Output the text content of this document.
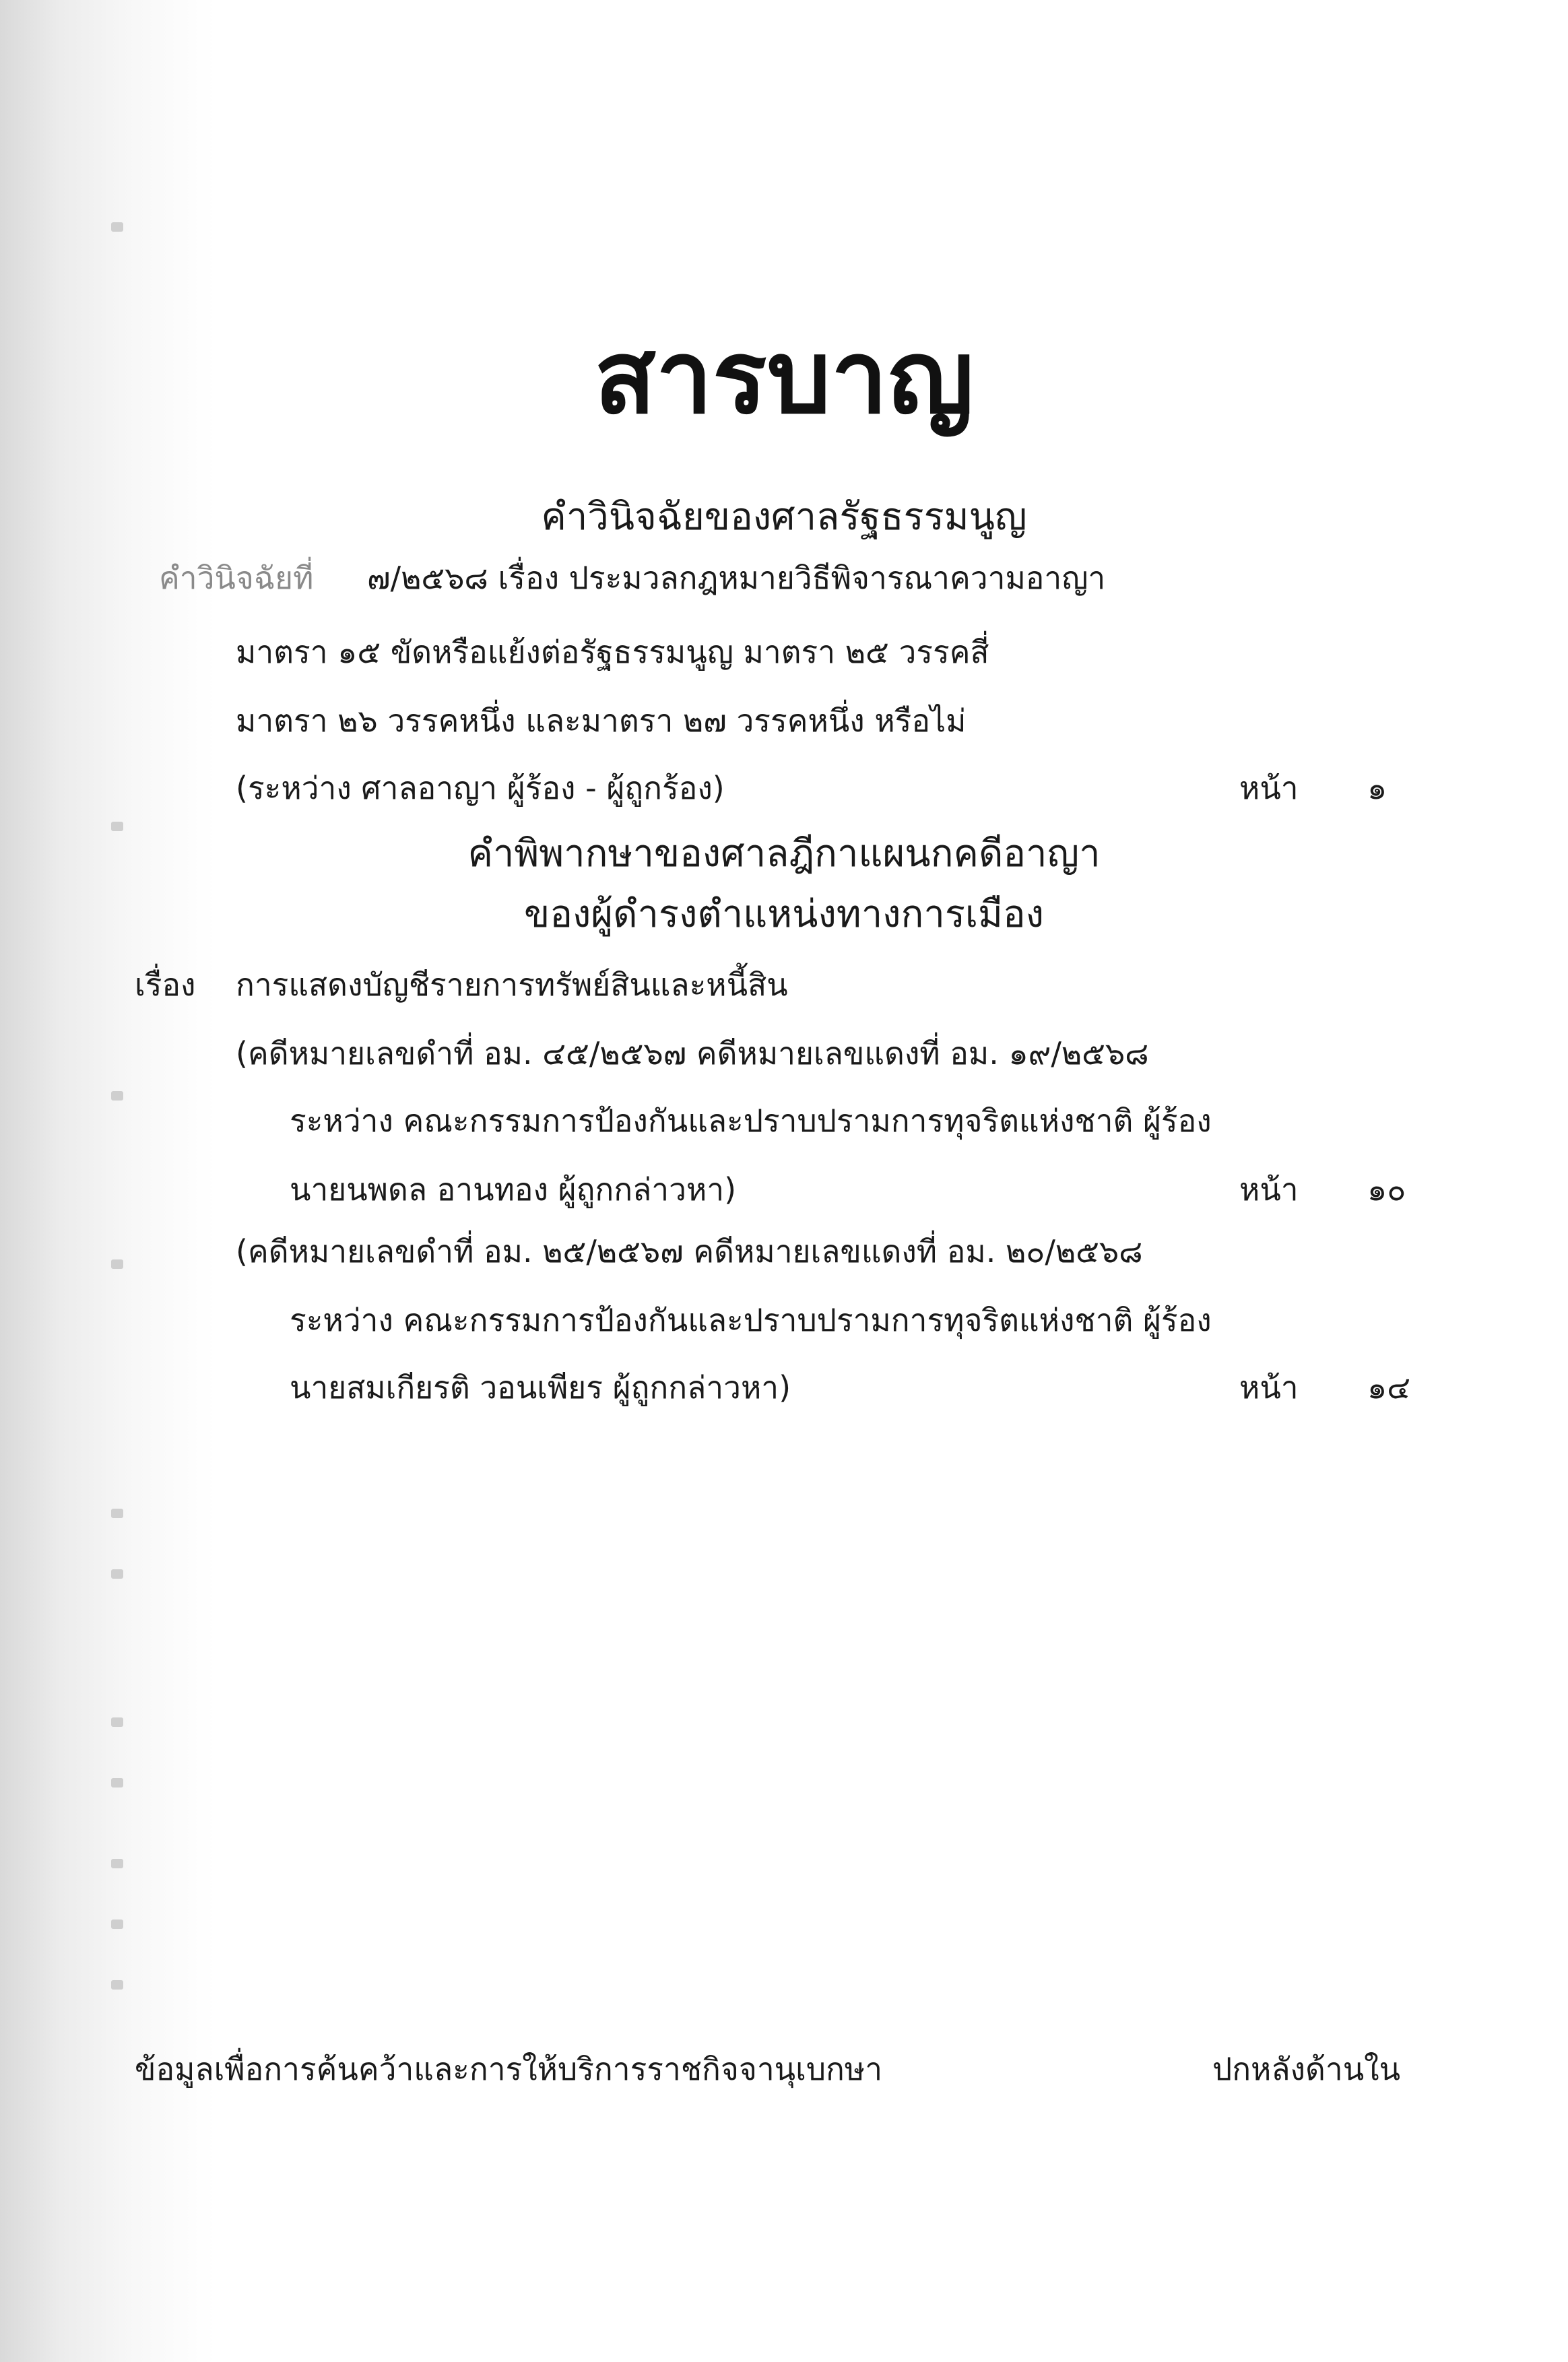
สารบาญ
คำวินิจฉัยของศาลรัฐธรรมนูญ
คำวินิจฉัยที่ ๗/๒๕๖๘ เรื่อง ประมวลกฎหมายวิธีพิจารณาความอาญา
มาตรา ๑๕ ขัดหรือแย้งต่อรัฐธรรมนูญ มาตรา ๒๕ วรรคสี่
มาตรา ๒๖ วรรคหนึ่ง และมาตรา ๒๗ วรรคหนึ่ง หรือไม่
(ระหว่าง ศาลอาญา ผู้ร้อง - ผู้ถูกร้อง)	หน้า ๑
คำพิพากษาของศาลฎีกาแผนกคดีอาญา
ของผู้ดำรงตำแหน่งทางการเมือง
เรื่อง การแสดงบัญชีรายการทรัพย์สินและหนี้สิน
(คดีหมายเลขดำที่ อม. ๔๕/๒๕๖๗ คดีหมายเลขแดงที่ อม. ๑๙/๒๕๖๘
ระหว่าง คณะกรรมการป้องกันและปราบปรามการทุจริตแห่งชาติ ผู้ร้อง
นายนพดล อานทอง ผู้ถูกกล่าวหา)	หน้า ๑๐
(คดีหมายเลขดำที่ อม. ๒๕/๒๕๖๗ คดีหมายเลขแดงที่ อม. ๒๐/๒๕๖๘
ระหว่าง คณะกรรมการป้องกันและปราบปรามการทุจริตแห่งชาติ ผู้ร้อง
นายสมเกียรติ วอนเพียร ผู้ถูกกล่าวหา)	หน้า ๑๔
ข้อมูลเพื่อการค้นคว้าและการให้บริการราชกิจจานุเบกษา	ปกหลังด้านใน
